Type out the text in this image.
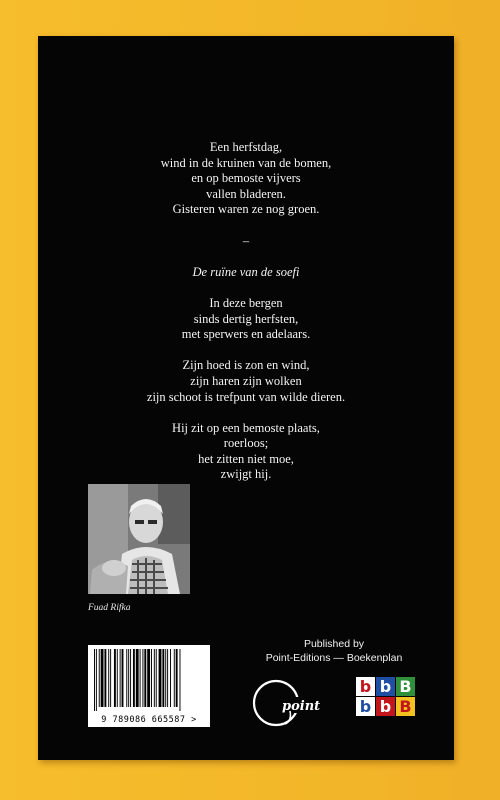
Een herfstdag,
wind in de kruinen van de bomen,
en op bemoste vijvers
vallen bladeren.
Gisteren waren ze nog groen.
–
De ruïne van de soefi
In deze bergen
sinds dertig herfsten,
met sperwers en adelaars.
Zijn hoed is zon en wind,
zijn haren zijn wolken
zijn schoot is trefpunt van wilde dieren.
Hij zit op een bemoste plaats,
roerloos;
het zitten niet moe,
zwijgt hij.
Fuad Rifka
Published by
Point-Editions — Boekenplan
9 789086 665587 >
point
b b B
b b B
